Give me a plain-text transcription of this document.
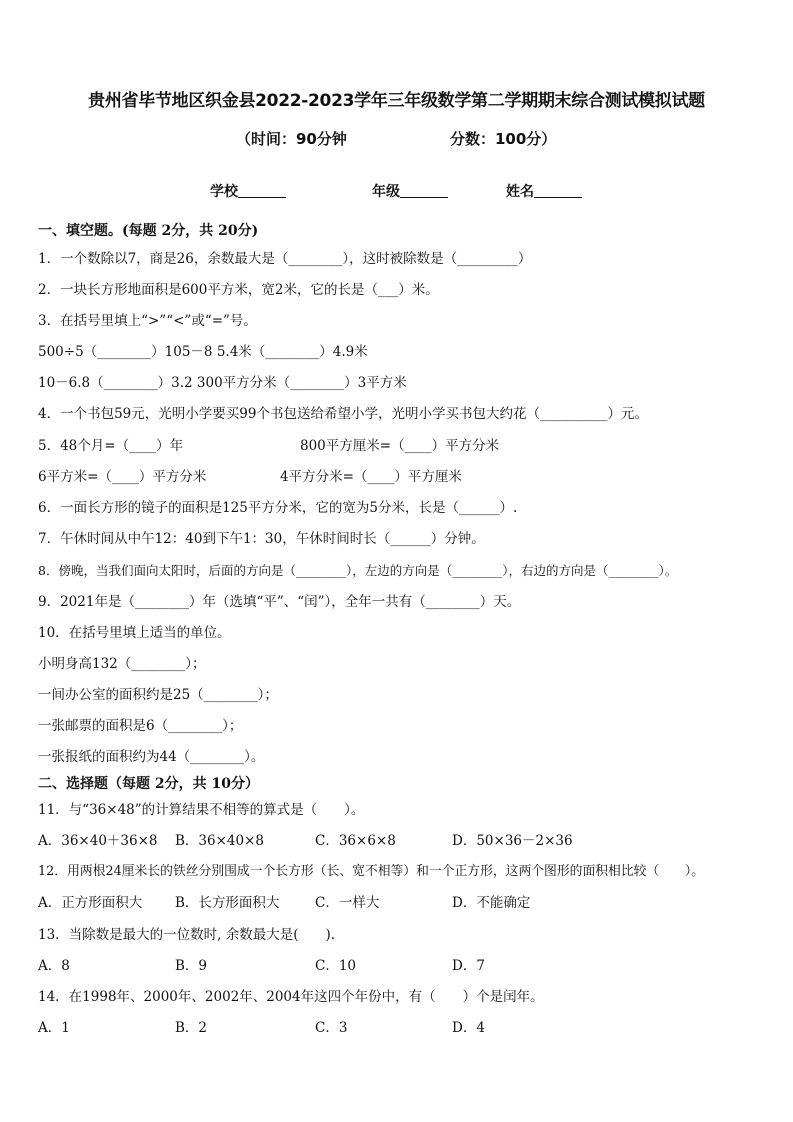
贵州省毕节地区织金县2022-2023学年三年级数学第二学期期末综合测试模拟试题
（时间：90分钟	分数：100分）
学校	年级	姓名
一、填空题。(每题 2分，共 20分)
1．一个数除以7，商是26，余数最大是（________），这时被除数是（_________）
2．一块长方形地面积是600平方米，宽2米，它的长是（___）米。
3．在括号里填上“>”“<”或“=”号。
500÷5（________）105－8 5.4米（________）4.9米
10－6.8（________）3.2 300平方分米（________）3平方米
4．一个书包59元，光明小学要买99个书包送给希望小学，光明小学买书包大约花（__________）元。
5．48个月=（____）年	800平方厘米=（____）平方分米
6平方米=（____）平方分米	4平方分米=（____）平方厘米
6．一面长方形的镜子的面积是125平方分米，它的宽为5分米，长是（______）.
7．午休时间从中午12：40到下午1：30，午休时间时长（______）分钟。
8．傍晚，当我们面向太阳时，后面的方向是（________），左边的方向是（________），右边的方向是（________）。
9．2021年是（________）年（选填“平”、“闰”），全年一共有（________）天。
10．在括号里填上适当的单位。
小明身高132（________）；
一间办公室的面积约是25（________）；
一张邮票的面积是6（________）；
一张报纸的面积约为44（________）。
二、选择题（每题 2分，共 10分）
11．与“36×48”的计算结果不相等的算式是（　　）。
A．36×40＋36×8 B．36×40×8	C．36×6×8	D．50×36－2×36
12．用两根24厘米长的铁丝分别围成一个长方形（长、宽不相等）和一个正方形，这两个图形的面积相比较（　　）。
A．正方形面积大 B．长方形面积大	C．一样大	D．不能确定
13．当除数是最大的一位数时, 余数最大是(　　).
A．8	B．9	C．10	D．7
14．在1998年、2000年、2002年、2004年这四个年份中，有（　　）个是闰年。
A．1	B．2	C．3	D．4
